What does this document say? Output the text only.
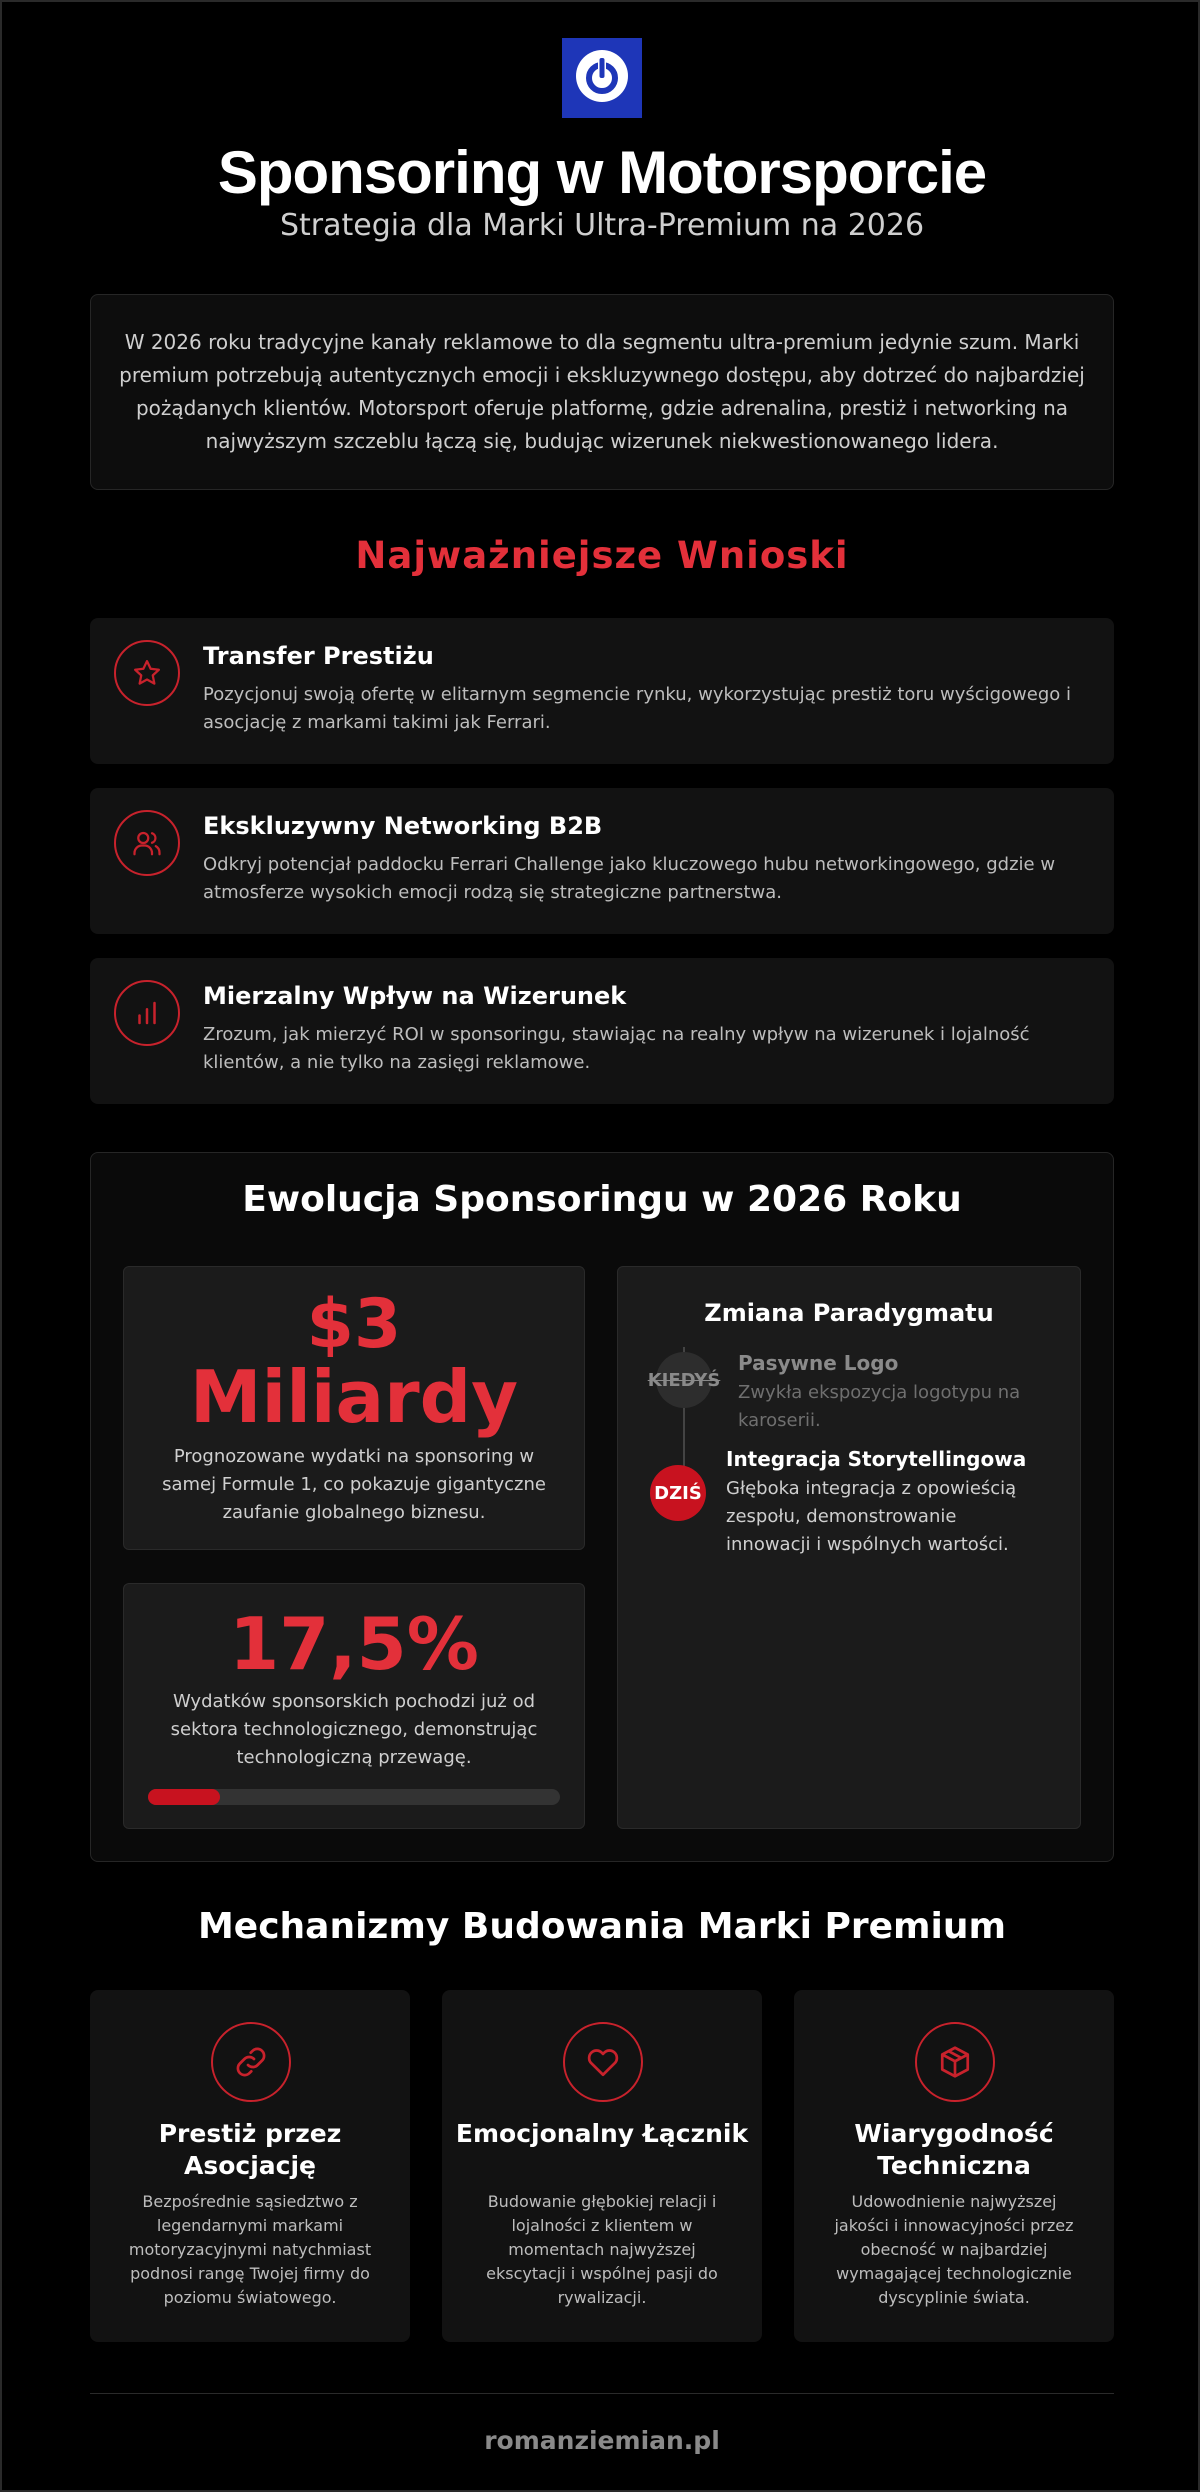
Sponsoring w Motorsporcie
Strategia dla Marki Ultra-Premium na 2026

W 2026 roku tradycyjne kanały reklamowe to dla segmentu ultra-premium jedynie szum. Marki premium potrzebują autentycznych emocji i ekskluzywnego dostępu, aby dotrzeć do najbardziej pożądanych klientów. Motorsport oferuje platformę, gdzie adrenalina, prestiż i networking na najwyższym szczeblu łączą się, budując wizerunek niekwestionowanego lidera.

Najważniejsze Wnioski
Transfer Prestiżu

Pozycjonuj swoją ofertę w elitarnym segmencie rynku, wykorzystując prestiż toru wyścigowego i asocjację z markami takimi jak Ferrari.

Ekskluzywny Networking B2B

Odkryj potencjał paddocku Ferrari Challenge jako kluczowego hubu networkingowego, gdzie w atmosferze wysokich emocji rodzą się strategiczne partnerstwa.

Mierzalny Wpływ na Wizerunek

Zrozum, jak mierzyć ROI w sponsoringu, stawiając na realny wpływ na wizerunek i lojalność klientów, a nie tylko na zasięgi reklamowe.

Ewolucja Sponsoringu w 2026 Roku
$3
Miliardy

Prognozowane wydatki na sponsoring w samej Formule 1, co pokazuje gigantyczne zaufanie globalnego biznesu.

17,5%

Wydatków sponsorskich pochodzi już od sektora technologicznego, demonstrując technologiczną przewagę.

Zmiana Paradygmatu
KIEDYŚ
Pasywne Logo

Zwykła ekspozycja logotypu na karoserii.

DZIŚ
Integracja Storytellingowa

Głęboka integracja z opowieścią zespołu, demonstrowanie innowacji i wspólnych wartości.

Mechanizmy Budowania Marki Premium
Prestiż przez Asocjację

Bezpośrednie sąsiedztwo z legendarnymi markami motoryzacyjnymi natychmiast podnosi rangę Twojej firmy do poziomu światowego.

Emocjonalny Łącznik

Budowanie głębokiej relacji i lojalności z klientem w momentach najwyższej ekscytacji i wspólnej pasji do rywalizacji.

Wiarygodność Techniczna

Udowodnienie najwyższej jakości i innowacyjności przez obecność w najbardziej wymagającej technologicznie dyscyplinie świata.

romanziemian.pl
